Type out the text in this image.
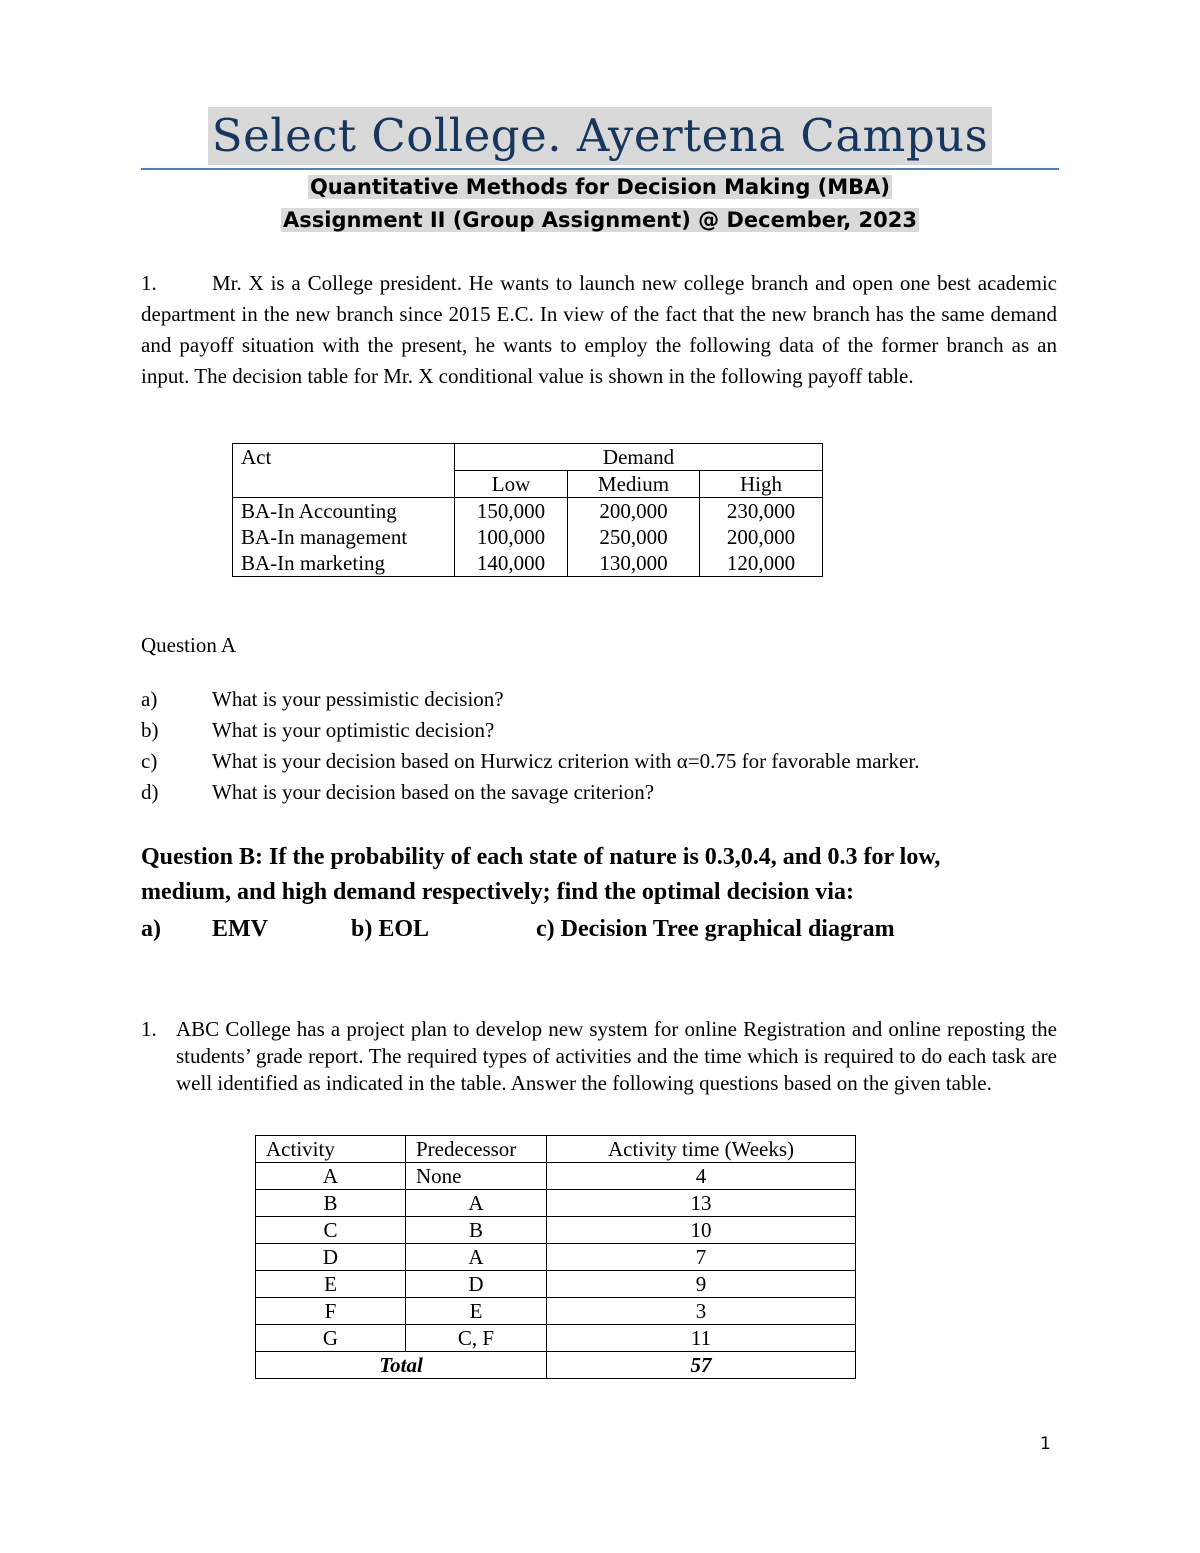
Select College. Ayertena Campus
Quantitative Methods for Decision Making (MBA)
Assignment II (Group Assignment) @ December, 2023
1.	Mr. X is a College president. He wants to launch new college branch and open one best academic department in the new branch since 2015 E.C. In view of the fact that the new branch has the same demand and payoff situation with the present, he wants to employ the following data of the former branch as an input. The decision table for Mr. X conditional value is shown in the following payoff table.
Act	Demand		
	Low	Medium	High
BA-In Accounting	150,000	200,000	230,000
BA-In management	100,000	250,000	200,000
BA-In marketing	140,000	130,000	120,000
Question A
a)	What is your pessimistic decision?
b)	What is your optimistic decision?
c)	What is your decision based on Hurwicz criterion with α=0.75 for favorable marker.
d)	What is your decision based on the savage criterion?
Question B: If the probability of each state of nature is 0.3,0.4, and 0.3 for low,
medium, and high demand respectively; find the optimal decision via:
a) EMV	b) EOL	c) Decision Tree graphical diagram
1. ABC College has a project plan to develop new system for online Registration and online reposting the students’ grade report. The required types of activities and the time which is required to do each task are well identified as indicated in the table. Answer the following questions based on the given table.
Activity	Predecessor	Activity time (Weeks)
A	None	4
B	A	13
C	B	10
D	A	7
E	D	9
F	E	3
G	C, F	11
Total		57
1
